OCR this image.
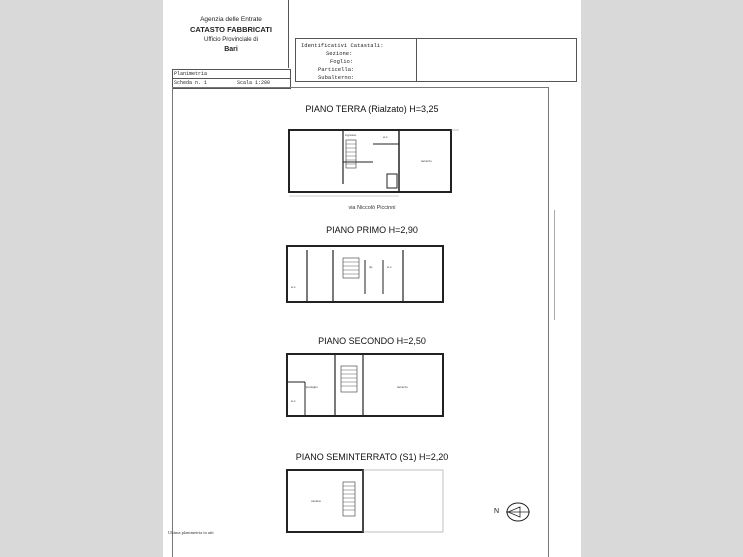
Agenzia delle Entrate
CATASTO FABBRICATI
Ufficio Provinciale di
Bari
Identificativi Catastali:
Sezione:
Foglio:
Particella:
Subalterno:
Planimetria
Scheda n. 1	Scala 1:200
PIANO TERRA (Rialzato) H=3,25
PIANO PRIMO H=2,90
PIANO SECONDO H=2,50
PIANO SEMINTERRATO (S1) H=2,20
ingresso	w.c.
terrazzo
via Niccolò Piccinni
w.c.
rip.	w.c.
ripostiglio	terrazzo
w.c.
cantina
N
Ultima planimetria in atti
